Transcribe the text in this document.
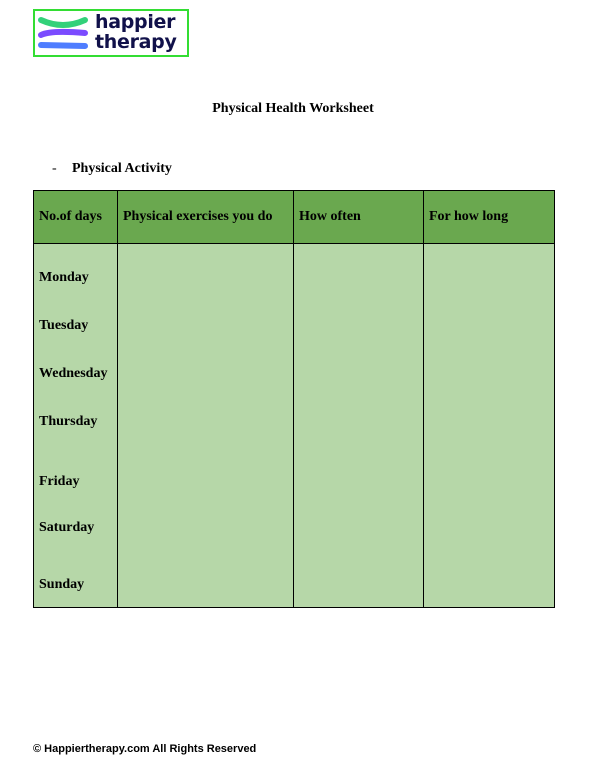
happier
therapy
Physical Health Worksheet
- Physical Activity
No.of days	Physical exercises you do	How often	For how long
Monday			
Tuesday			
Wednesday			
Thursday			
Friday			
Saturday			
Sunday			
© Happiertherapy.com All Rights Reserved
